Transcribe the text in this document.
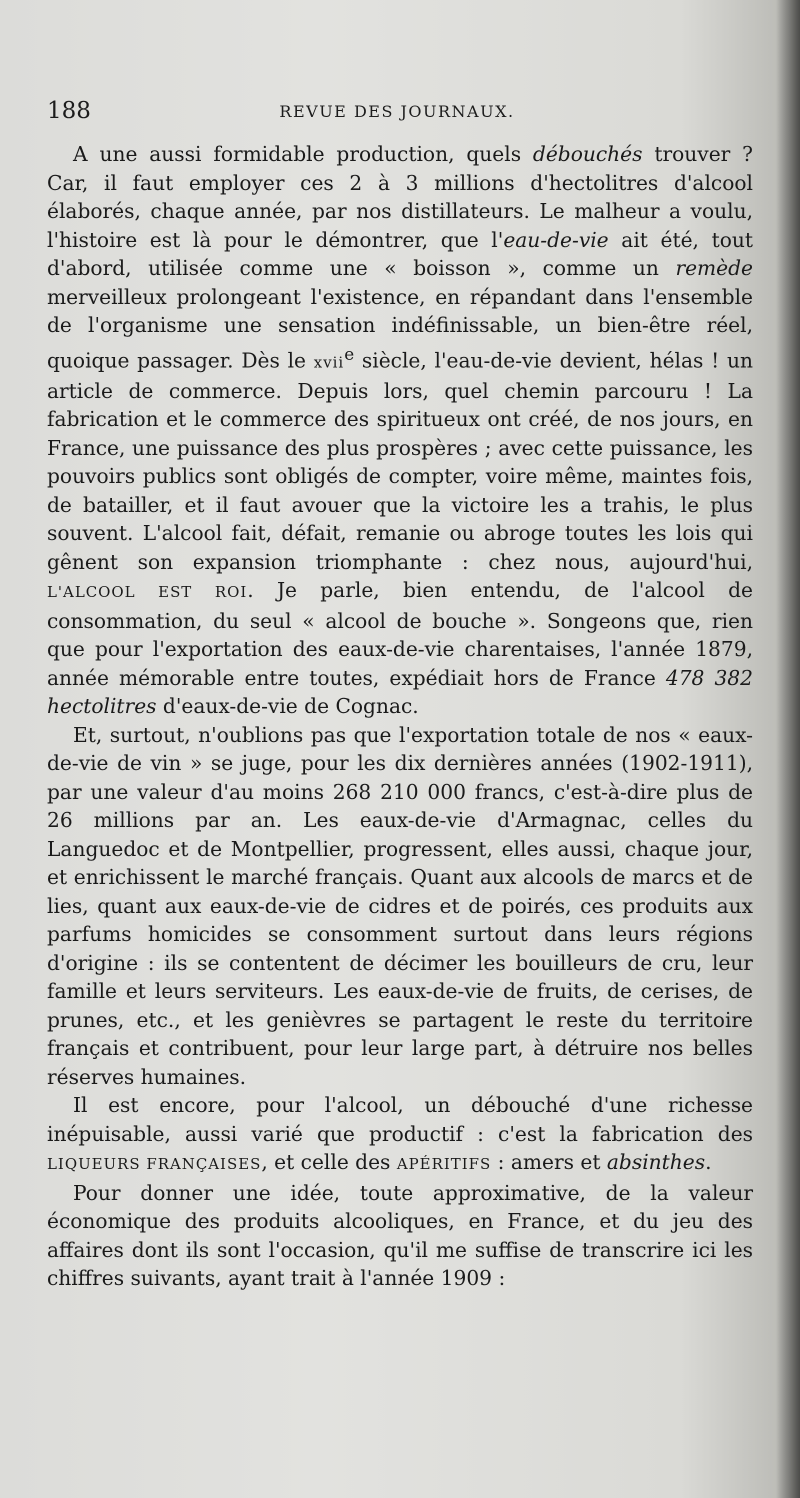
188	REVUE DES JOURNAUX.

A une aussi formidable production, quels débouchés trouver ? Car, il faut employer ces 2 à 3 millions d'hectolitres d'alcool élaborés, chaque année, par nos distillateurs. Le malheur a voulu, l'histoire est là pour le démontrer, que l'eau-de-vie ait été, tout d'abord, utilisée comme une « boisson », comme un remède merveilleux prolongeant l'existence, en répandant dans l'ensemble de l'organisme une sensation indéfinissable, un bien-être réel, quoique passager. Dès le xvii$^e$ siècle, l'eau-de-vie devient, hélas ! un article de commerce. Depuis lors, quel chemin parcouru ! La fabrication et le commerce des spiritueux ont créé, de nos jours, en France, une puissance des plus prospères ; avec cette puissance, les pouvoirs publics sont obligés de compter, voire même, maintes fois, de batailler, et il faut avouer que la victoire les a trahis, le plus souvent. L'alcool fait, défait, remanie ou abroge toutes les lois qui gênent son expansion triomphante : chez nous, aujourd'hui, L'ALCOOL EST ROI. Je parle, bien entendu, de l'alcool de consommation, du seul « alcool de bouche ». Songeons que, rien que pour l'exportation des eaux-de-vie charentaises, l'année 1879, année mémorable entre toutes, expédiait hors de France 478 382 hectolitres d'eaux-de-vie de Cognac.

Et, surtout, n'oublions pas que l'exportation totale de nos « eaux-de-vie de vin » se juge, pour les dix dernières années (1902-1911), par une valeur d'au moins 268 210 000 francs, c'est-à-dire plus de 26 millions par an. Les eaux-de-vie d'Armagnac, celles du Languedoc et de Montpellier, progressent, elles aussi, chaque jour, et enrichissent le marché français. Quant aux alcools de marcs et de lies, quant aux eaux-de-vie de cidres et de poirés, ces produits aux parfums homicides se consomment surtout dans leurs régions d'origine : ils se contentent de décimer les bouilleurs de cru, leur famille et leurs serviteurs. Les eaux-de-vie de fruits, de cerises, de prunes, etc., et les genièvres se partagent le reste du territoire français et contribuent, pour leur large part, à détruire nos belles réserves humaines.

Il est encore, pour l'alcool, un débouché d'une richesse inépuisable, aussi varié que productif : c'est la fabrication des LIQUEURS FRANÇAISES, et celle des APÉRITIFS : amers et absinthes.

Pour donner une idée, toute approximative, de la valeur économique des produits alcooliques, en France, et du jeu des affaires dont ils sont l'occasion, qu'il me suffise de transcrire ici les chiffres suivants, ayant trait à l'année 1909 :
